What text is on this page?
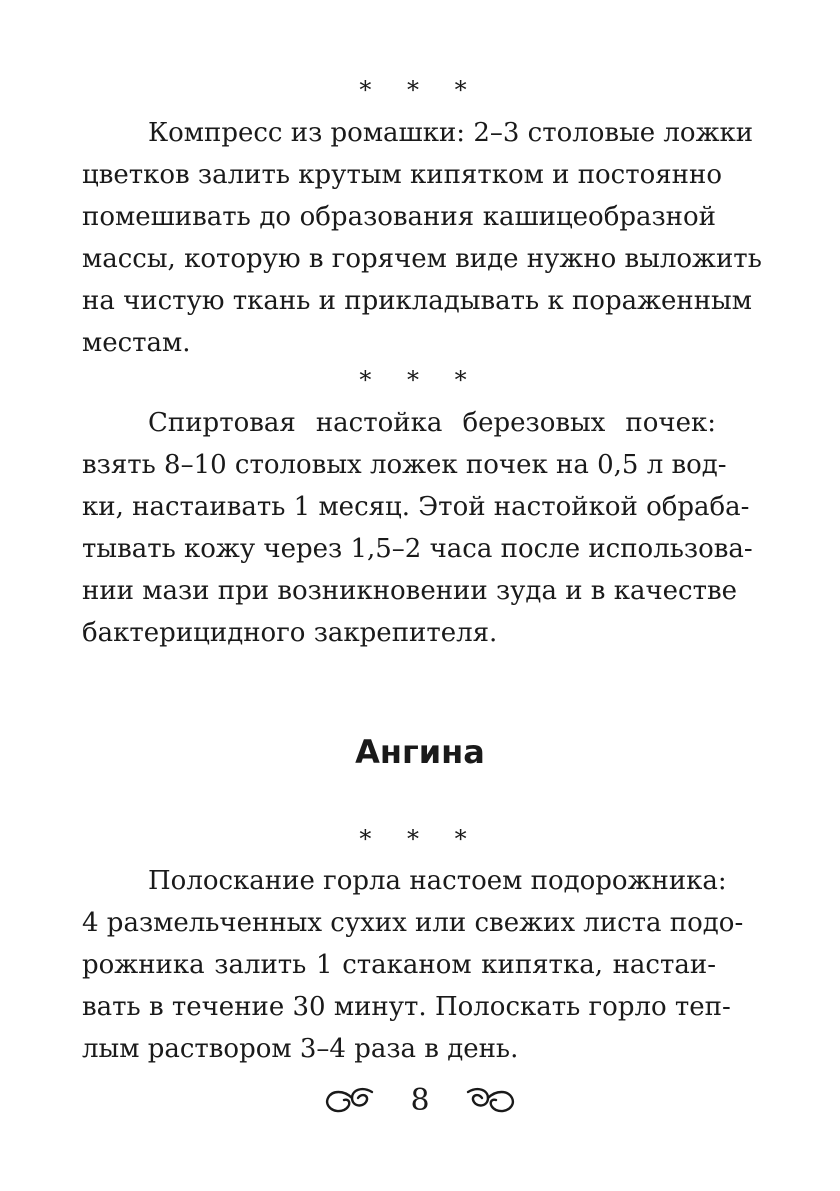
* * *
Компресс из ромашки: 2–3 столовые ложки
цветков залить крутым кипятком и постоянно
помешивать до образования кашицеобразной
массы, которую в горячем виде нужно выложить
на чистую ткань и прикладывать к пораженным
местам.
* * *
Спиртовая настойка березовых почек:
взять 8–10 столовых ложек почек на 0,5 л вод-
ки, настаивать 1 месяц. Этой настойкой обраба-
тывать кожу через 1,5–2 часа после использова-
нии мази при возникновении зуда и в качестве
бактерицидного закрепителя.
Ангина
* * *
Полоскание горла настоем подорожника:
4 размельченных сухих или свежих листа подо-
рожника залить 1 стаканом кипятка, настаи-
вать в течение 30 минут. Полоскать горло теп-
лым раствором 3–4 раза в день.
8
